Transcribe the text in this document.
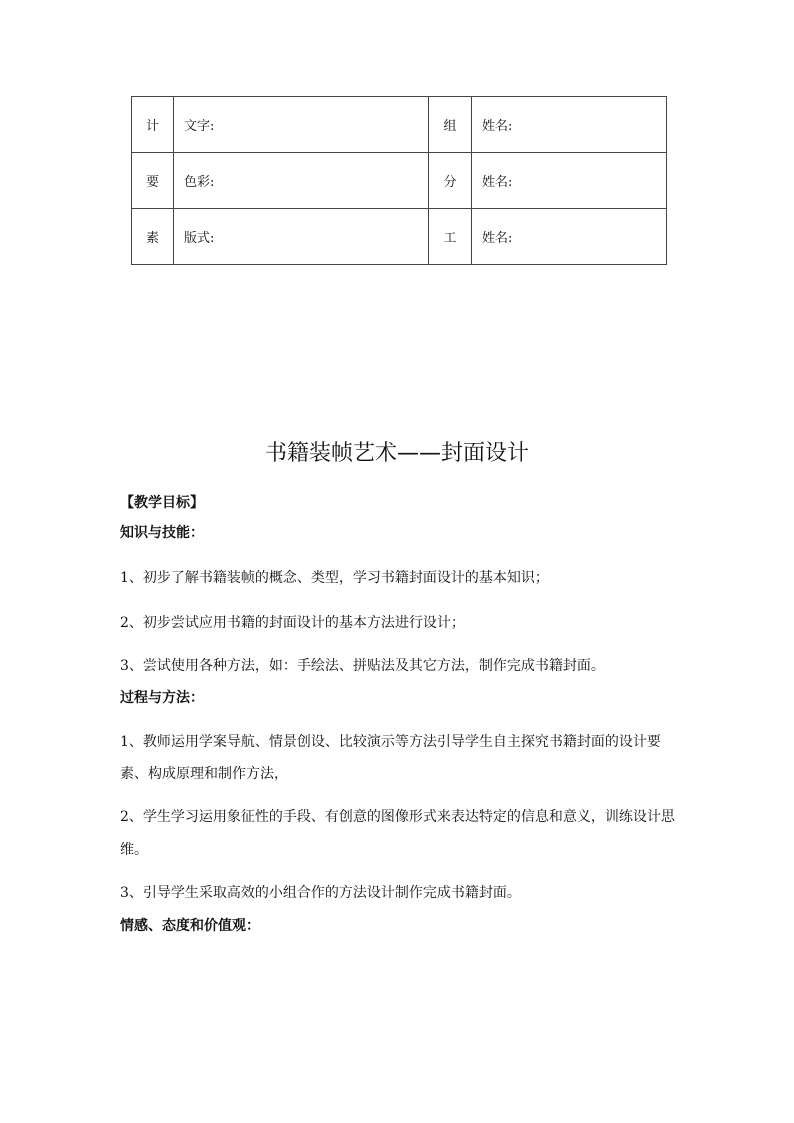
计	文字:	组	姓名:
要	色彩:	分	姓名:
素	版式:	工	姓名:
书籍装帧艺术——封面设计
【教学目标】
知识与技能：
1、初步了解书籍装帧的概念、类型，学习书籍封面设计的基本知识；
2、初步尝试应用书籍的封面设计的基本方法进行设计；
3、尝试使用各种方法，如：手绘法、拼贴法及其它方法，制作完成书籍封面。
过程与方法：
1、教师运用学案导航、情景创设、比较演示等方法引导学生自主探究书籍封面的设计要
素、构成原理和制作方法，
2、学生学习运用象征性的手段、有创意的图像形式来表达特定的信息和意义，训练设计思
维。
3、引导学生采取高效的小组合作的方法设计制作完成书籍封面。
情感、态度和价值观：
